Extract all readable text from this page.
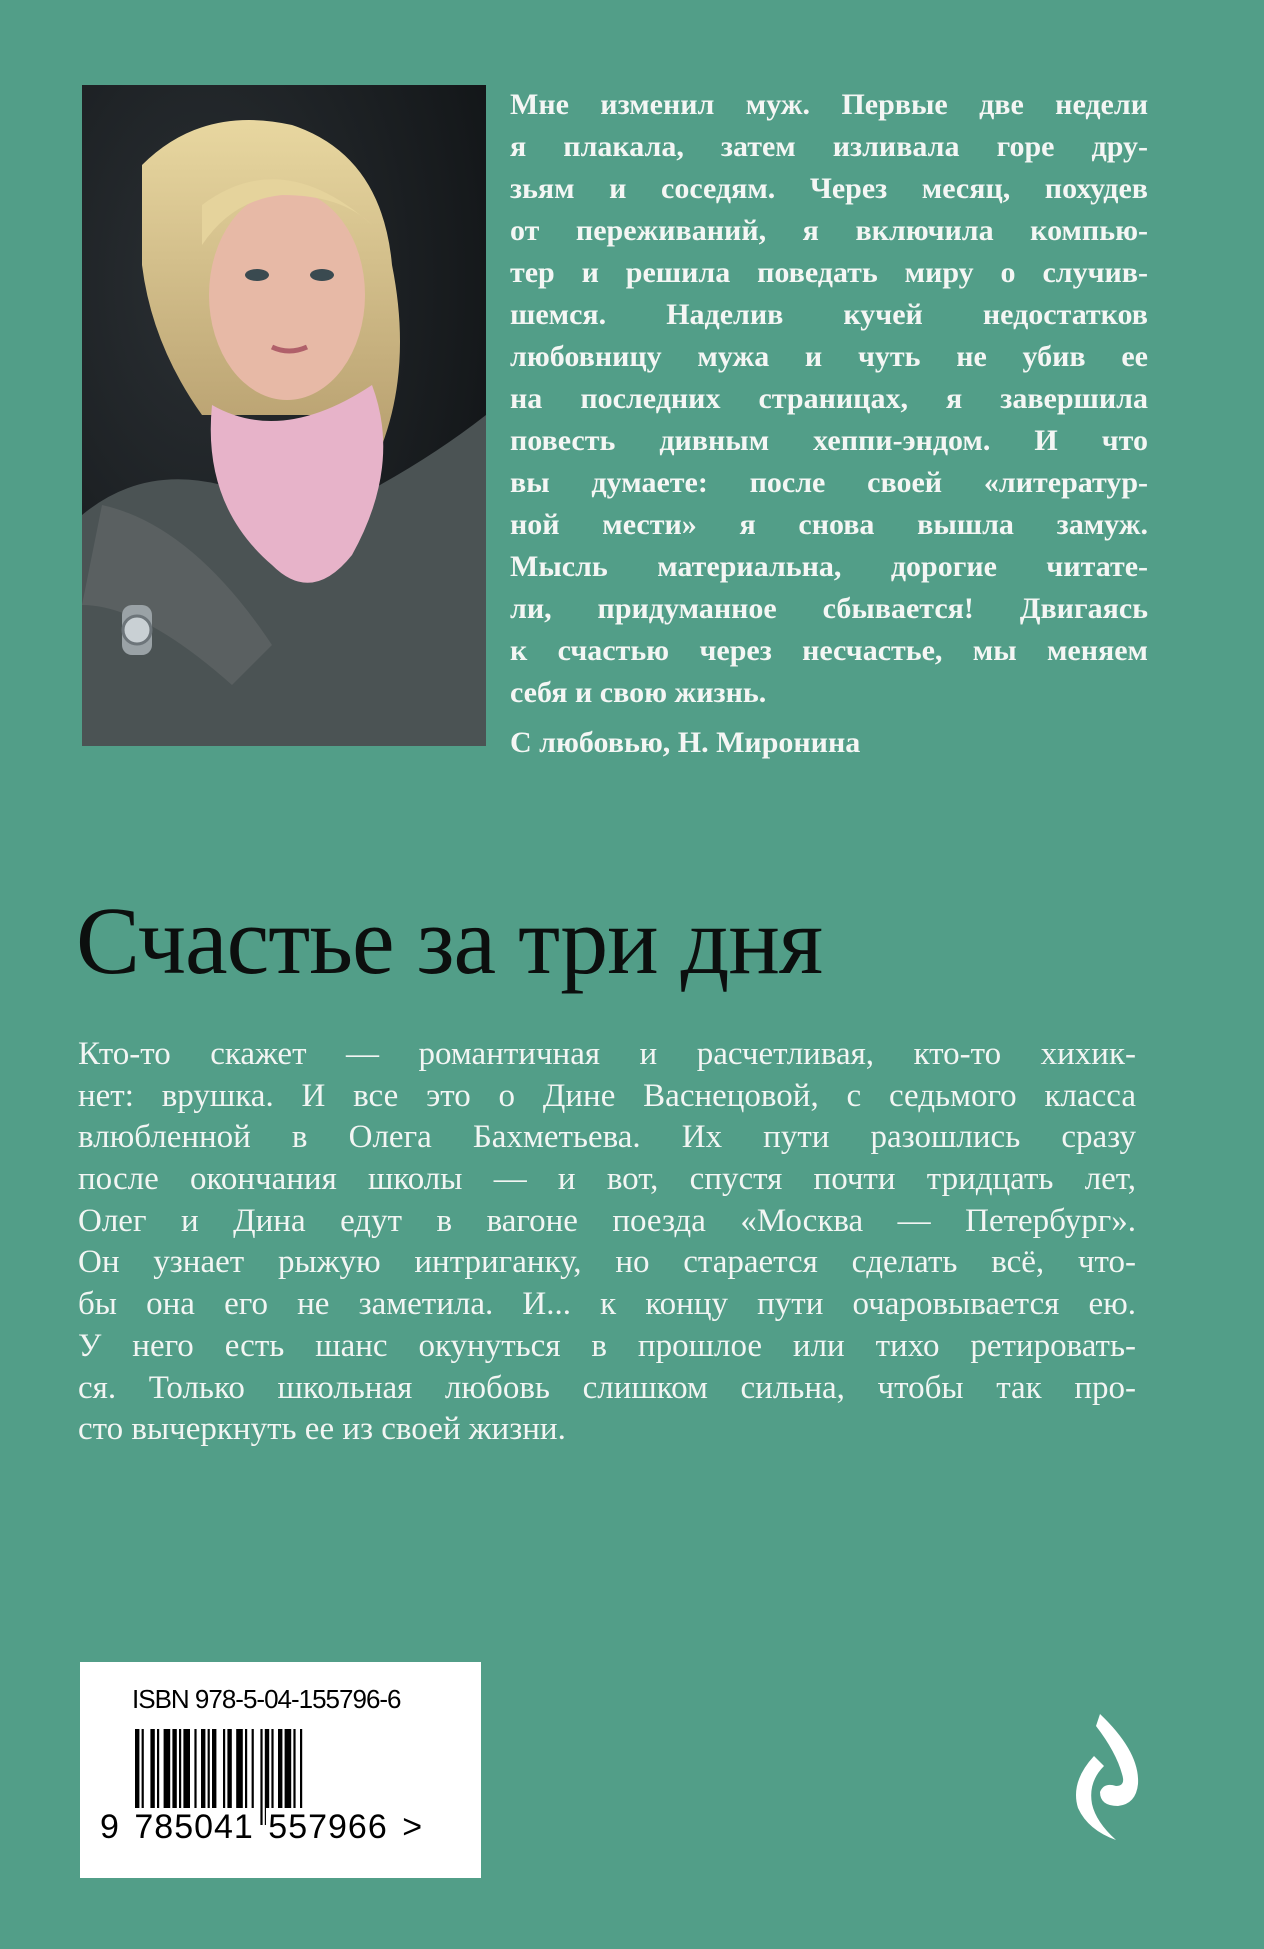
Мне изменил муж. Первые две недели
я плакала, затем изливала горе дру-
зьям и соседям. Через месяц, похудев
от переживаний, я включила компью-
тер и решила поведать миру о случив-
шемся. Наделив кучей недостатков
любовницу мужа и чуть не убив ее
на последних страницах, я завершила
повесть дивным хеппи-эндом. И что
вы думаете: после своей «литератур-
ной мести» я снова вышла замуж.
Мысль материальна, дорогие читате-
ли, придуманное сбывается! Двигаясь
к счастью через несчастье, мы меняем
себя и свою жизнь.
С любовью, Н. Миронина
Счастье за три дня
Кто-то скажет — романтичная и расчетливая, кто-то хихик-
нет: врушка. И все это о Дине Васнецовой, с седьмого класса
влюбленной в Олега Бахметьева. Их пути разошлись сразу
после окончания школы — и вот, спустя почти тридцать лет,
Олег и Дина едут в вагоне поезда «Москва — Петербург».
Он узнает рыжую интриганку, но старается сделать всё, что-
бы она его не заметила. И... к концу пути очаровывается ею.
У него есть шанс окунуться в прошлое или тихо ретировать-
ся. Только школьная любовь слишком сильна, чтобы так про-
сто вычеркнуть ее из своей жизни.
ISBN 978-5-04-155796-6
9 785041 557966 >
